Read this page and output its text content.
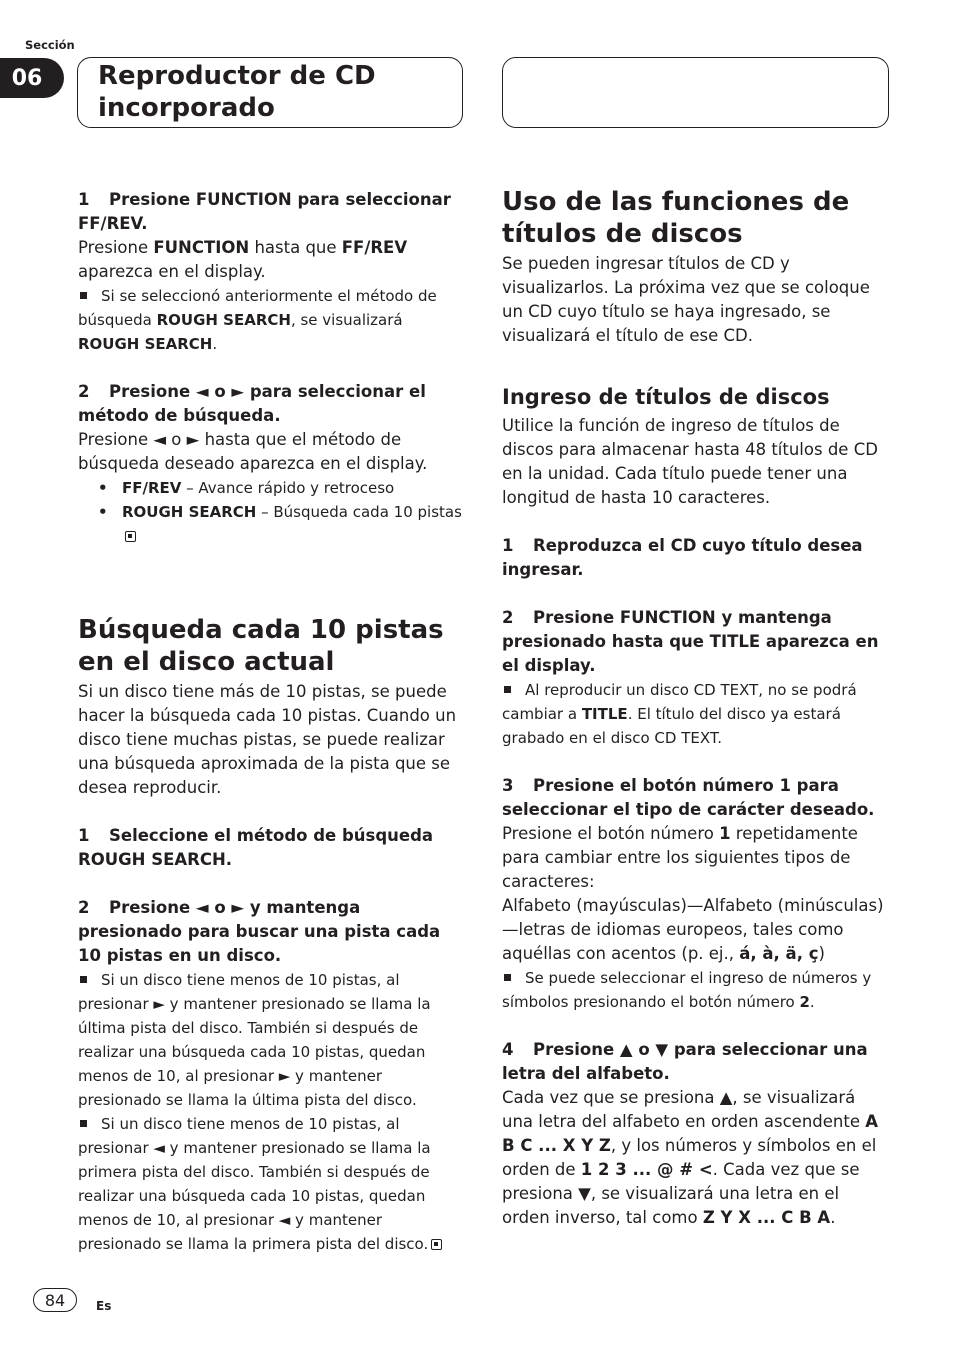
Sección
06	Reproductor de CD incorporado

1 Presione FUNCTION para seleccionar FF/REV.

Presione FUNCTION hasta que FF/REV aparezca en el display.

Si se seleccionó anteriormente el método de búsqueda ROUGH SEARCH, se visualizará ROUGH SEARCH.

2 Presione ◄ o ► para seleccionar el método de búsqueda.

Presione ◄ o ► hasta que el método de búsqueda deseado aparezca en el display.

• FF/REV – Avance rápido y retroceso
• ROUGH SEARCH – Búsqueda cada 10 pistas

Búsqueda cada 10 pistas en el disco actual

Si un disco tiene más de 10 pistas, se puede hacer la búsqueda cada 10 pistas. Cuando un disco tiene muchas pistas, se puede realizar una búsqueda aproximada de la pista que se desea reproducir.

1 Seleccione el método de búsqueda ROUGH SEARCH.

2 Presione ◄ o ► y mantenga presionado para buscar una pista cada 10 pistas en un disco.

Si un disco tiene menos de 10 pistas, al presionar ► y mantener presionado se llama la última pista del disco. También si después de realizar una búsqueda cada 10 pistas, quedan menos de 10, al presionar ► y mantener presionado se llama la última pista del disco.

Si un disco tiene menos de 10 pistas, al presionar ◄ y mantener presionado se llama la primera pista del disco. También si después de realizar una búsqueda cada 10 pistas, quedan menos de 10, al presionar ◄ y mantener presionado se llama la primera pista del disco.

Uso de las funciones de títulos de discos

Se pueden ingresar títulos de CD y visualizarlos. La próxima vez que se coloque un CD cuyo título se haya ingresado, se visualizará el título de ese CD.

Ingreso de títulos de discos

Utilice la función de ingreso de títulos de discos para almacenar hasta 48 títulos de CD en la unidad. Cada título puede tener una longitud de hasta 10 caracteres.

1 Reproduzca el CD cuyo título desea ingresar.

2 Presione FUNCTION y mantenga presionado hasta que TITLE aparezca en el display.

Al reproducir un disco CD TEXT, no se podrá cambiar a TITLE. El título del disco ya estará grabado en el disco CD TEXT.

3 Presione el botón número 1 para seleccionar el tipo de carácter deseado.

Presione el botón número 1 repetidamente para cambiar entre los siguientes tipos de caracteres:
Alfabeto (mayúsculas)—Alfabeto (minúsculas)—letras de idiomas europeos, tales como aquéllas con acentos (p. ej., á, à, ä, ç)

Se puede seleccionar el ingreso de números y símbolos presionando el botón número 2.

4 Presione ▲ o ▼ para seleccionar una letra del alfabeto.

Cada vez que se presiona ▲, se visualizará una letra del alfabeto en orden ascendente A B C ... X Y Z, y los números y símbolos en el orden de 1 2 3 ... @ # <. Cada vez que se presiona ▼, se visualizará una letra en el orden inverso, tal como Z Y X ... C B A.

84	Es
